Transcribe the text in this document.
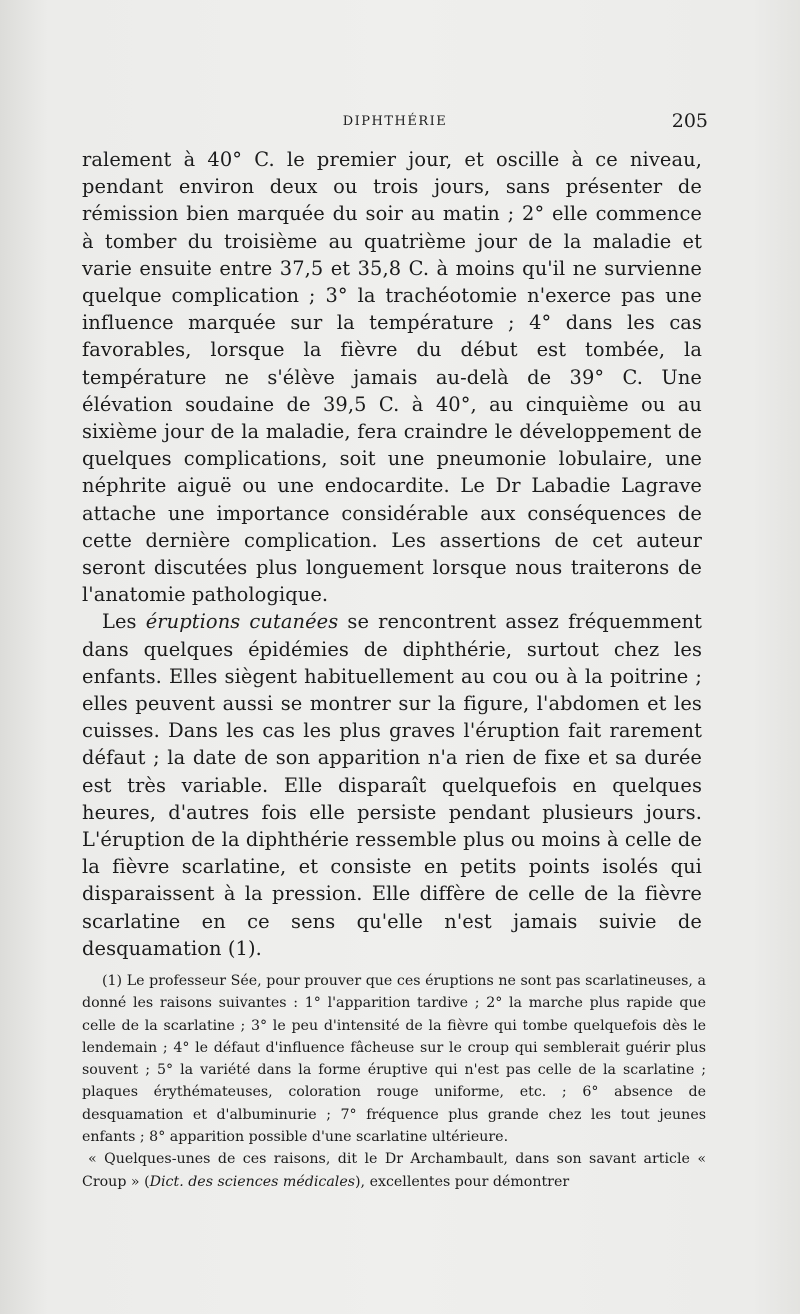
DIPHTHÉRIE	205

ralement à 40° C. le premier jour, et oscille à ce niveau, pendant environ deux ou trois jours, sans présenter de rémission bien marquée du soir au matin ; 2° elle commence à tomber du troisième au quatrième jour de la maladie et varie ensuite entre 37,5 et 35,8 C. à moins qu'il ne survienne quelque complication ; 3° la trachéotomie n'exerce pas une influence marquée sur la température ; 4° dans les cas favorables, lorsque la fièvre du début est tombée, la température ne s'élève jamais au-delà de 39° C. Une élévation soudaine de 39,5 C. à 40°, au cinquième ou au sixième jour de la maladie, fera craindre le développement de quelques complications, soit une pneumonie lobulaire, une néphrite aiguë ou une endocardite. Le Dr Labadie Lagrave attache une importance considérable aux conséquences de cette dernière complication. Les assertions de cet auteur seront discutées plus longuement lorsque nous traiterons de l'anatomie pathologique.

Les éruptions cutanées se rencontrent assez fréquemment dans quelques épidémies de diphthérie, surtout chez les enfants. Elles siègent habituellement au cou ou à la poitrine ; elles peuvent aussi se montrer sur la figure, l'abdomen et les cuisses. Dans les cas les plus graves l'éruption fait rarement défaut ; la date de son apparition n'a rien de fixe et sa durée est très variable. Elle disparaît quelquefois en quelques heures, d'autres fois elle persiste pendant plusieurs jours. L'éruption de la diphthérie ressemble plus ou moins à celle de la fièvre scarlatine, et consiste en petits points isolés qui disparaissent à la pression. Elle diffère de celle de la fièvre scarlatine en ce sens qu'elle n'est jamais suivie de desquamation (1).

(1) Le professeur Sée, pour prouver que ces éruptions ne sont pas scarlatineuses, a donné les raisons suivantes : 1° l'apparition tardive ; 2° la marche plus rapide que celle de la scarlatine ; 3° le peu d'intensité de la fièvre qui tombe quelquefois dès le lendemain ; 4° le défaut d'influence fâcheuse sur le croup qui semblerait guérir plus souvent ; 5° la variété dans la forme éruptive qui n'est pas celle de la scarlatine ; plaques érythémateuses, coloration rouge uniforme, etc. ; 6° absence de desquamation et d'albuminurie ; 7° fréquence plus grande chez les tout jeunes enfants ; 8° apparition possible d'une scarlatine ultérieure.

« Quelques-unes de ces raisons, dit le Dr Archambault, dans son savant article « Croup » (Dict. des sciences médicales), excellentes pour démontrer
